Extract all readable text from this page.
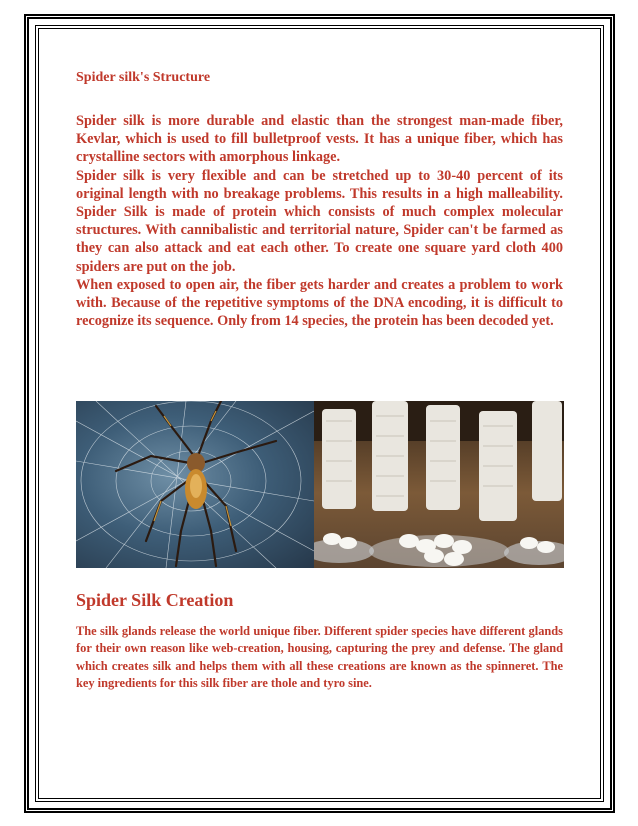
Spider silk's Structure

Spider silk is more durable and elastic than the strongest man-made fiber, Kevlar, which is used to fill bulletproof vests. It has a unique fiber, which has crystalline sectors with amorphous linkage.

Spider silk is very flexible and can be stretched up to 30-40 percent of its original length with no breakage problems. This results in a high malleability. Spider Silk is made of protein which consists of much complex molecular structures. With cannibalistic and territorial nature, Spider can't be farmed as they can also attack and eat each other. To create one square yard cloth 400 spiders are put on the job.

When exposed to open air, the fiber gets harder and creates a problem to work with. Because of the repetitive symptoms of the DNA encoding, it is difficult to recognize its sequence. Only from 14 species, the protein has been decoded yet.

Spider Silk Creation

The silk glands release the world unique fiber. Different spider species have different glands for their own reason like web-creation, housing, capturing the prey and defense. The gland which creates silk and helps them with all these creations are known as the spinneret. The key ingredients for this silk fiber are thole and tyro sine.
